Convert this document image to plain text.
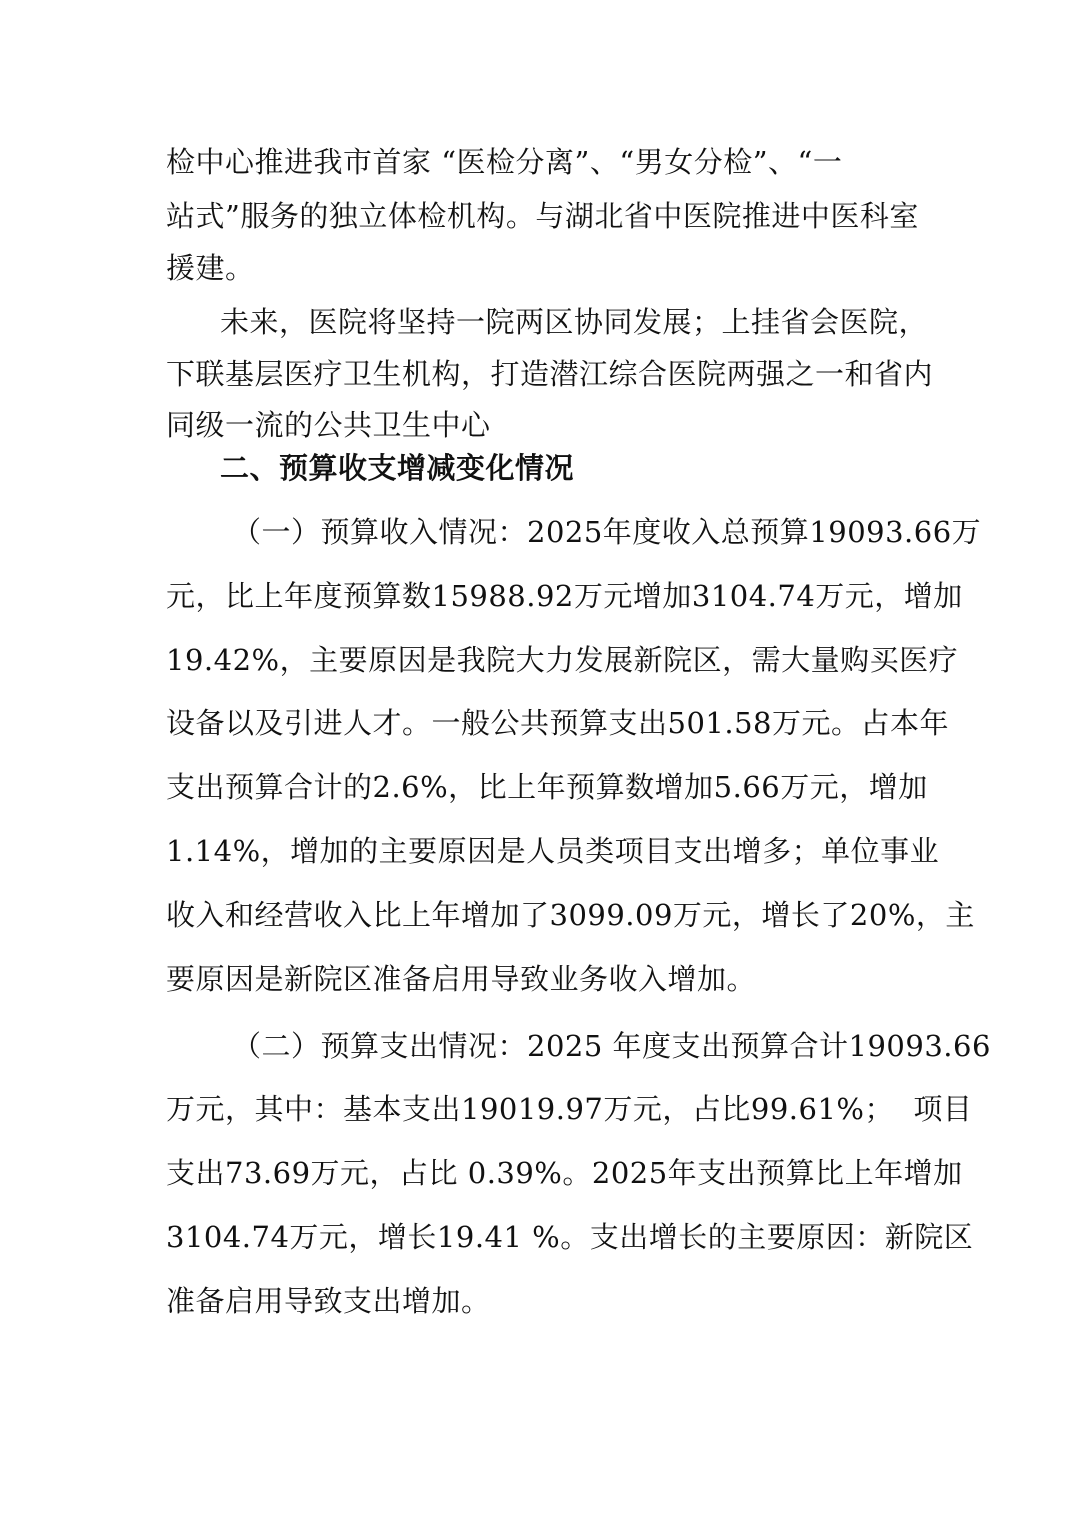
检中心推进我市首家 “医检分离”、“男女分检”、“一
站式”服务的独立体检机构。与湖北省中医院推进中医科室
援建。
未来，医院将坚持一院两区协同发展；上挂省会医院，
下联基层医疗卫生机构，打造潜江综合医院两强之一和省内
同级一流的公共卫生中心
二、预算收支增减变化情况
（一）预算收入情况：2025年度收入总预算19093.66万
元，比上年度预算数15988.92万元增加3104.74万元，增加
19.42%，主要原因是我院大力发展新院区，需大量购买医疗
设备以及引进人才。一般公共预算支出501.58万元。占本年
支出预算合计的2.6%，比上年预算数增加5.66万元，增加
1.14%，增加的主要原因是人员类项目支出增多；单位事业
收入和经营收入比上年增加了3099.09万元，增长了20%，主
要原因是新院区准备启用导致业务收入增加。
（二）预算支出情况：2025 年度支出预算合计19093.66
万元，其中：基本支出19019.97万元，占比99.61%；  项目
支出73.69万元，占比 0.39%。2025年支出预算比上年增加
3104.74万元，增长19.41 %。支出增长的主要原因：新院区
准备启用导致支出增加。
